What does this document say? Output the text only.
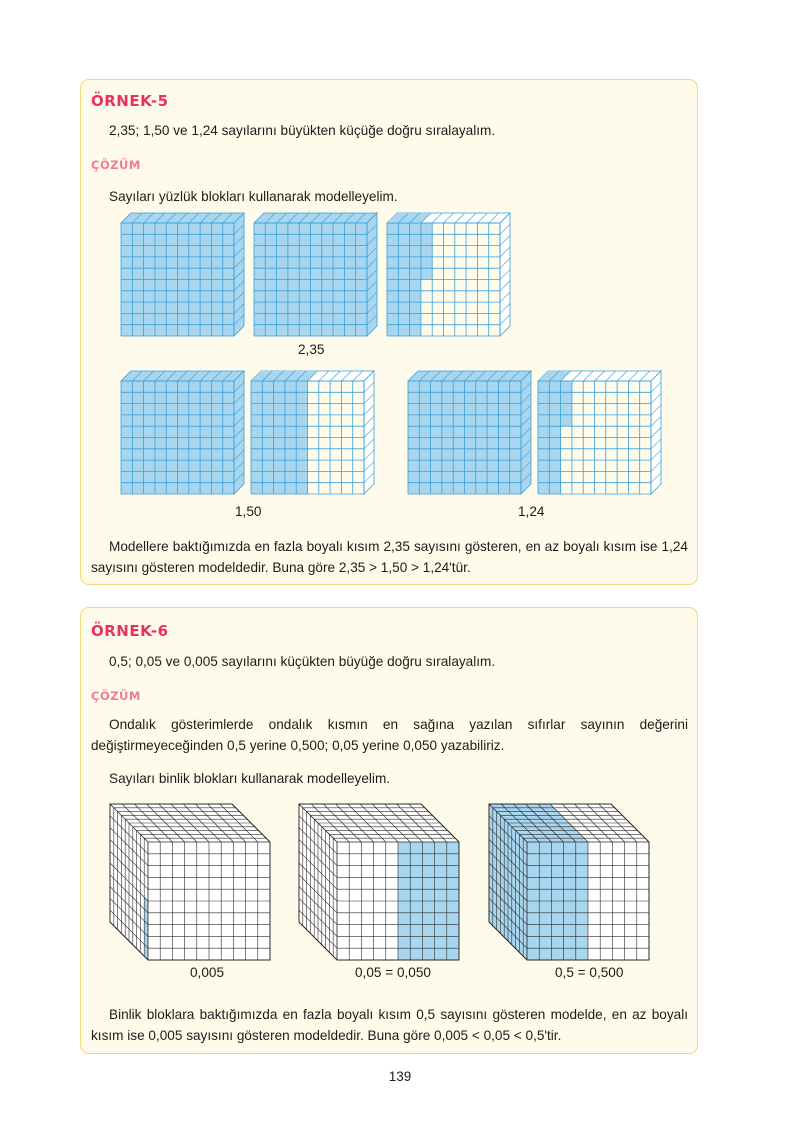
ÖRNEK-5
2,35; 1,50 ve 1,24 sayılarını büyükten küçüğe doğru sıralayalım.
ÇÖZÜM
Sayıları yüzlük blokları kullanarak modelleyelim.
Modellere baktığımızda en fazla boyalı kısım 2,35 sayısını gösteren, en az boyalı kısım ise 1,24 sayısını gösteren modeldedir. Buna göre 2,35 > 1,50 > 1,24'tür.
ÖRNEK-6
0,5; 0,05 ve 0,005 sayılarını küçükten büyüğe doğru sıralayalım.
ÇÖZÜM
Ondalık gösterimlerde ondalık kısmın en sağına yazılan sıfırlar sayının değerini değiştirmeyeceğinden 0,5 yerine 0,500; 0,05 yerine 0,050 yazabiliriz.
Sayıları binlik blokları kullanarak modelleyelim.
Binlik bloklara baktığımızda en fazla boyalı kısım 0,5 sayısını gösteren modelde, en az boyalı kısım ise 0,005 sayısını gösteren modeldedir. Buna göre 0,005 < 0,05 < 0,5'tir.
2,35
1,50	1,24
0,005	0,05 = 0,050	0,5 = 0,500
139
